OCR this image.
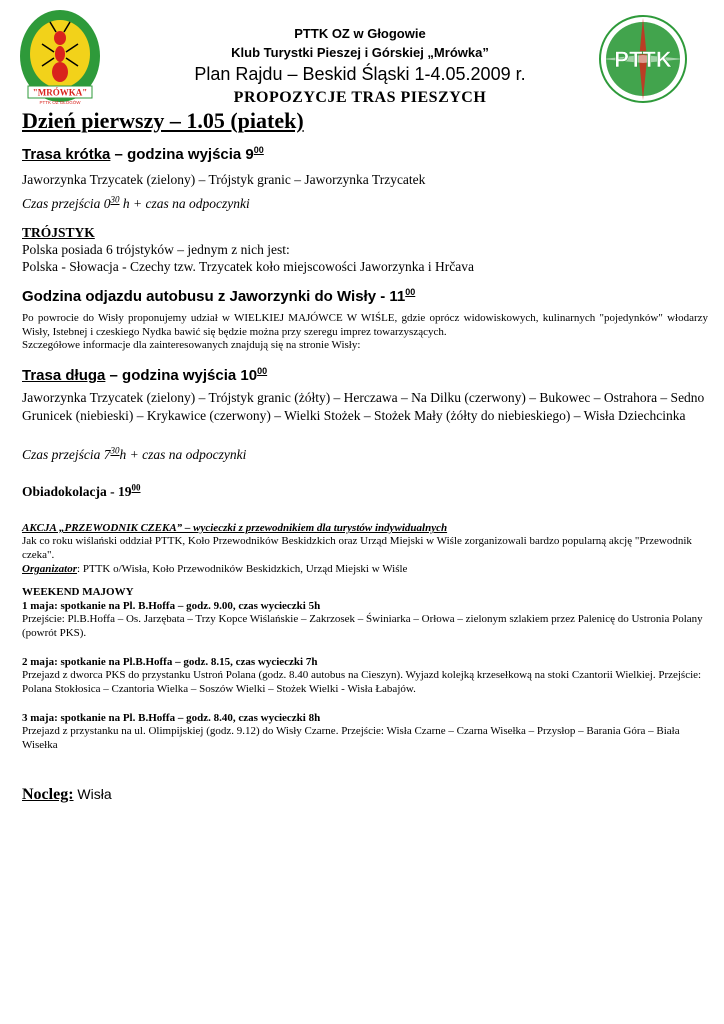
"MRÓWKA"
PTTK OZ GŁOGÓW
PTTK
PTTK OZ w Głogowie
Klub Turystki Pieszej i Górskiej „Mrówka”
Plan Rajdu – Beskid Śląski 1-4.05.2009 r.
PROPOZYCJE TRAS PIESZYCH
Dzień pierwszy – 1.05 (piatek)
Trasa krótka – godzina wyjścia $9^{00}$
Jaworzynka Trzycatek (zielony) – Trójstyk granic – Jaworzynka Trzycatek
Czas przejścia $0^{30}$ h + czas na odpoczynki
TRÓJSTYK
Polska posiada 6 trójstyków – jednym z nich jest:
Polska - Słowacja - Czechy tzw. Trzycatek koło miejscowości Jaworzynka i Hrčava
Godzina odjazdu autobusu z Jaworzynki do Wisły - $11^{00}$
Po powrocie do Wisły proponujemy udział w WIELKIEJ MAJÓWCE W WIŚLE, gdzie oprócz widowiskowych, kulinarnych "pojedynków" włodarzy Wisły, Istebnej i czeskiego Nydka bawić się będzie można przy szeregu imprez towarzyszących.
Szczegółowe informacje dla zainteresowanych znajdują się na stronie Wisły:
Trasa długa – godzina wyjścia $10^{00}$
Jaworzynka Trzycatek (zielony) – Trójstyk granic (żółty) – Herczawa – Na Dilku (czerwony) – Bukowec – Ostrahora – Sedno Grunicek (niebieski) – Krykawice (czerwony) – Wielki Stożek – Stożek Mały (żółty do niebieskiego) – Wisła Dziechcinka
Czas przejścia $7^{30}h$ + czas na odpoczynki
Obiadokolacja - $19^{00}$
AKCJA „PRZEWODNIK CZEKA” – wycieczki z przewodnikiem dla turystów indywidualnych
Jak co roku wiślański oddział PTTK, Koło Przewodników Beskidzkich oraz Urząd Miejski w Wiśle zorganizowali bardzo popularną akcję "Przewodnik czeka".
Organizator: PTTK o/Wisła, Koło Przewodników Beskidzkich, Urząd Miejski w Wiśle
WEEKEND MAJOWY
1 maja: spotkanie na Pl. B.Hoffa – godz. 9.00, czas wycieczki 5h
Przejście: Pl.B.Hoffa – Os. Jarzębata – Trzy Kopce Wiślańskie – Zakrzosek – Świniarka – Orłowa – zielonym szlakiem przez Palenicę do Ustronia Polany (powrót PKS).
2 maja: spotkanie na Pl.B.Hoffa – godz. 8.15, czas wycieczki 7h
Przejazd z dworca PKS do przystanku Ustroń Polana (godz. 8.40 autobus na Cieszyn). Wyjazd kolejką krzesełkową na stoki Czantorii Wielkiej. Przejście: Polana Stokłosica – Czantoria Wielka – Soszów Wielki – Stożek Wielki - Wisła Łabajów.
3 maja: spotkanie na Pl. B.Hoffa – godz. 8.40, czas wycieczki 8h
Przejazd z przystanku na ul. Olimpijskiej (godz. 9.12) do Wisły Czarne. Przejście: Wisła Czarne – Czarna Wisełka – Przysłop – Barania Góra – Biała Wisełka
Nocleg: Wisła
